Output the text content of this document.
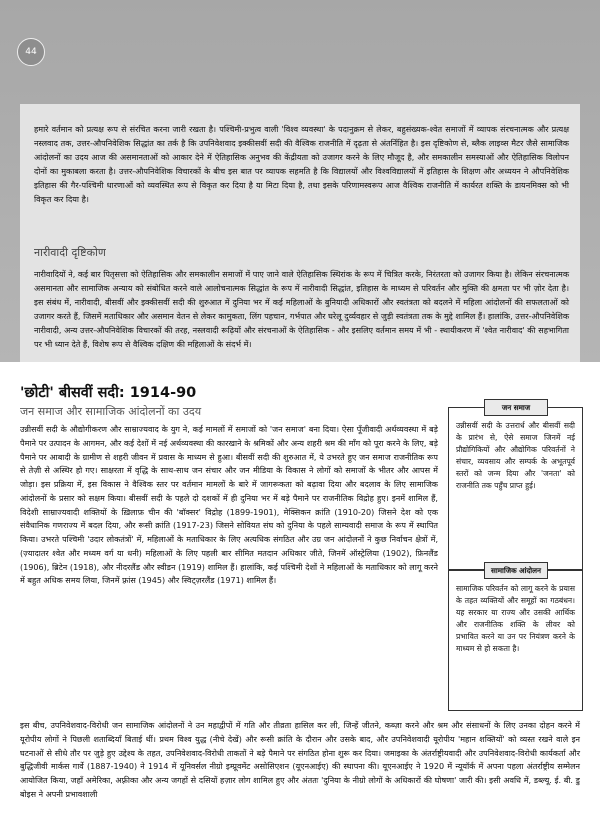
44

हमारे वर्तमान को प्रत्यक्ष रूप से संरचित करना जारी रखता है। पश्चिमी-प्रभुत्व वाली 'विश्व व्यवस्था' के पदानुक्रम से लेकर, बहुसंख्यक-श्वेत समाजों में व्यापक संरचनात्मक और प्रत्यक्ष नस्लवाद तक, उत्तर-औपनिवेशिक सिद्धांत का तर्क है कि उपनिवेशवाद इक्कीसवीं सदी की वैश्विक राजनीति में दृढ़ता से अंतर्निहित है। इस दृष्टिकोण से, ब्लैक लाइव्स मैटर जैसे सामाजिक आंदोलनों का उदय आज की असमानताओं को आकार देने में ऐतिहासिक अनुभव की केंद्रीयता को उजागर करने के लिए मौजूद है, और समकालीन समस्याओं और ऐतिहासिक विलोपन दोनों का मुकाबला करता है। उत्तर-औपनिवेशिक विचारकों के बीच इस बात पर व्यापक सहमति है कि विद्यालयों और विश्वविद्यालयों में इतिहास के शिक्षण और अध्ययन ने औपनिवेशिक इतिहास की गैर-पश्चिमी धारणाओं को व्यवस्थित रूप से विकृत कर दिया है या मिटा दिया है, तथा इसके परिणामस्वरूप आज वैश्विक राजनीति में कार्यरत शक्ति के डायनमिक्स को भी विकृत कर दिया है।

नारीवादी दृष्टिकोण

नारीवादियों ने, कई बार पितृसत्ता को ऐतिहासिक और समकालीन समाजों में पाए जाने वाले ऐतिहासिक स्थिरांक के रूप में चित्रित करके, निरंतरता को उजागर किया है। लेकिन संरचनात्मक असमानता और सामाजिक अन्याय को संबोधित करने वाले आलोचनात्मक सिद्धांत के रूप में नारीवादी सिद्धांत, इतिहास के माध्यम से परिवर्तन और मुक्ति की क्षमता पर भी ज़ोर देता है। इस संबंध में, नारीवादी, बीसवीं और इक्कीसवीं सदी की शुरुआत में दुनिया भर में कई महिलाओं के बुनियादी अधिकारों और स्वतंत्रता को बदलने में महिला आंदोलनों की सफलताओं को उजागर करते हैं, जिसमें मताधिकार और असमान वेतन से लेकर कामुकता, लिंग पहचान, गर्भपात और घरेलू दुर्व्यवहार से जुड़ी स्वतंत्रता तक के मुद्दे शामिल हैं। हालांकि, उत्तर-औपनिवेशिक नारीवादी, अन्य उत्तर-औपनिवेशिक विचारकों की तरह, नस्लवादी रूढ़ियों और संरचनाओं के ऐतिहासिक - और इसलिए वर्तमान समय में भी - स्थायीकरण में 'श्वेत नारीवाद' की सहभागिता पर भी ध्यान देते हैं, विशेष रूप से वैश्विक दक्षिण की महिलाओं के संदर्भ में।

'छोटी' बीसवीं सदी: 1914-90
जन समाज और सामाजिक आंदोलनों का उदय

उन्नीसवीं सदी के औद्योगीकरण और साम्राज्यवाद के युग ने, कई मामलों में समाजों को 'जन समाज' बना दिया। ऐसा पूँजीवादी अर्थव्यवस्था में बड़े पैमाने पर उत्पादन के आगमन, और कई देशों में नई अर्थव्यवस्था की कारखाने के श्रमिकों और अन्य शहरी श्रम की माँग को पूरा करने के लिए, बड़े पैमाने पर आबादी के ग्रामीण से शहरी जीवन में प्रवास के माध्यम से हुआ। बीसवीं सदी की शुरुआत में, ये उभरते हुए जन समाज राजनीतिक रूप से तेज़ी से अस्थिर हो गए। साक्षरता में वृद्धि के साथ-साथ जन संचार और जन मीडिया के विकास ने लोगों को समाजों के भीतर और आपस में जोड़ा। इस प्रक्रिया में, इस विकास ने वैश्विक स्तर पर वर्तमान मामलों के बारे में जागरूकता को बढ़ावा दिया और बदलाव के लिए सामाजिक आंदोलनों के प्रसार को सक्षम किया। बीसवीं सदी के पहले दो दशकों में ही दुनिया भर में बड़े पैमाने पर राजनीतिक विद्रोह हुए। इनमें शामिल हैं, विदेशी साम्राज्यवादी शक्तियों के ख़िलाफ़ चीन की 'बॉक्सर' विद्रोह (1899-1901), मेक्सिकन क्रांति (1910-20) जिसने देश को एक संवैधानिक गणराज्य में बदल दिया, और रूसी क्रांति (1917-23) जिसने सोवियत संघ को दुनिया के पहले साम्यवादी समाज के रूप में स्थापित किया। उभरते पश्चिमी 'उदार लोकतंत्रों' में, महिलाओं के मताधिकार के लिए अत्यधिक संगठित और उग्र जन आंदोलनों ने कुछ निर्वाचन क्षेत्रों में, (ज़्यादातर श्वेत और मध्यम वर्ग या धनी) महिलाओं के लिए पहली बार सीमित मतदान अधिकार जीते, जिनमें ऑस्ट्रेलिया (1902), फ़िनलैंड (1906), ब्रिटेन (1918), और नीदरलैंड और स्वीडन (1919) शामिल हैं। हालांकि, कई पश्चिमी देशों ने महिलाओं के मताधिकार को लागू करने में बहुत अधिक समय लिया, जिनमें फ़्रांस (1945) और स्विट्ज़रलैंड (1971) शामिल हैं।

जन समाज

उन्नीसवीं सदी के उत्तरार्ध और बीसवीं सदी के प्रारंभ से, ऐसे समाज जिनमें नई प्रौद्योगिकियों और औद्योगिक परिवर्तनों ने संचार, व्यवसाय और सम्पर्क के अभूतपूर्व स्तरों को जन्म दिया और 'जनता' को राजनीति तक पहुँच प्राप्त हुई।

सामाजिक आंदोलन

सामाजिक परिवर्तन को लागू करने के प्रयास के तहत व्यक्तियों और समूहों का गठबंधन। यह सरकार या राज्य और उसकी आर्थिक और राजनीतिक शक्ति के लीवर को प्रभावित करने या उन पर नियंत्रण करने के माध्यम से हो सकता है।

इस बीच, उपनिवेशवाद-विरोधी जन सामाजिक आंदोलनों ने उन महाद्वीपों में गति और तीव्रता हासिल कर ली, जिन्हें जीतने, कब्ज़ा करने और श्रम और संसाधनों के लिए उनका दोहन करने में यूरोपीय लोगों ने पिछली शताब्दियाँ बिताई थीं। प्रथम विश्व युद्ध (नीचे देखें) और रूसी क्रांति के दौरान और उसके बाद, और उपनिवेशवादी यूरोपीय 'महान शक्तियों' को व्यस्त रखने वाले इन घटनाओं से सीधे तौर पर जुड़े हुए उद्देश्य के तहत, उपनिवेशवाद-विरोधी ताकतों ने बड़े पैमाने पर संगठित होना शुरू कर दिया। जमाइका के अंतर्राष्ट्रीयवादी और उपनिवेशवाद-विरोधी कार्यकर्ता और बुद्धिजीवी मार्कस गार्वे (1887-1940) ने 1914 में यूनिवर्सल नीग्रो इम्प्रूवमेंट असोसिएशन (यूएनआईए) की स्थापना की। यूएनआईए ने 1920 में न्यूयॉर्क में अपना पहला अंतर्राष्ट्रीय सम्मेलन आयोजित किया, जहाँ अमेरिका, अफ़्रीका और अन्य जगहों से दसियों हज़ार लोग शामिल हुए और अंततः 'दुनिया के नीग्रो लोगों के अधिकारों की घोषणा' जारी की। इसी अवधि में, डब्ल्यू. ई. बी. डु बोइस ने अपनी प्रभावशाली
